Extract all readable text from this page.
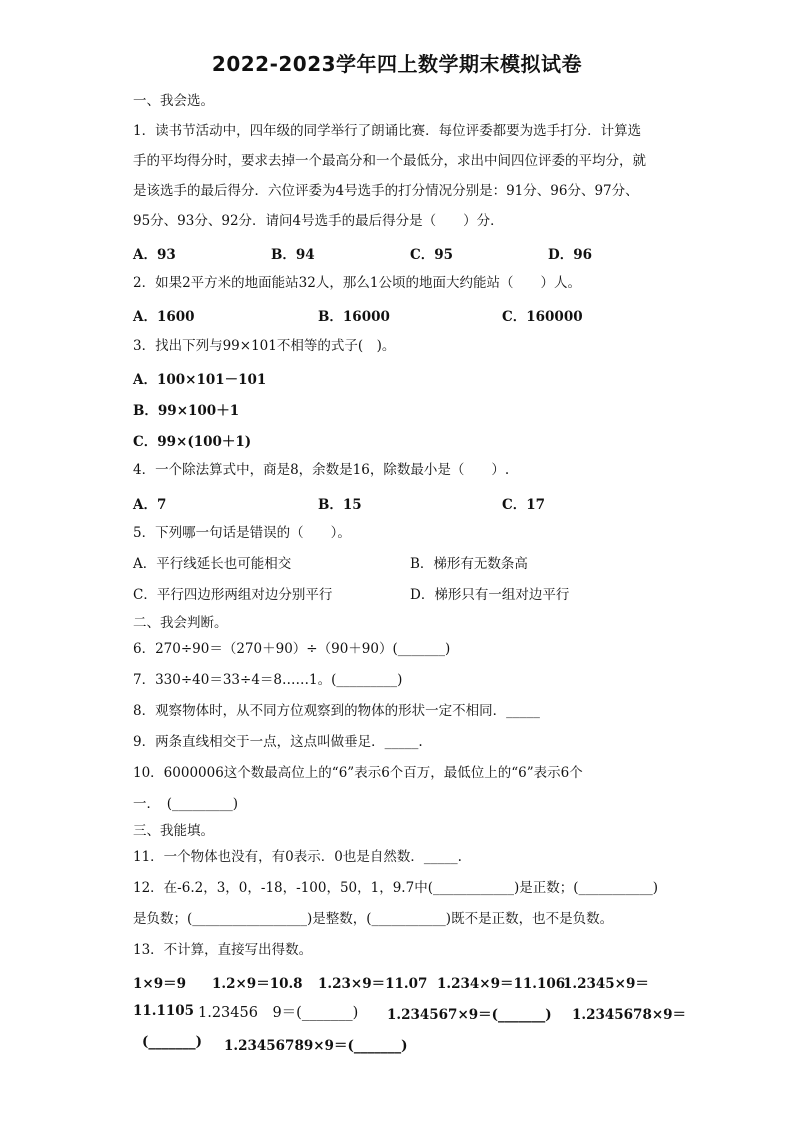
2022-2023学年四上数学期末模拟试卷
一、我会选。
1．读书节活动中，四年级的同学举行了朗诵比赛．每位评委都要为选手打分．计算选
手的平均得分时，要求去掉一个最高分和一个最低分，求出中间四位评委的平均分，就
是该选手的最后得分．六位评委为4号选手的打分情况分别是：91分、96分、97分、
95分、93分、92分．请问4号选手的最后得分是（　　）分．
A．93	B．94	C．95	D．96
2．如果2平方米的地面能站32人，那么1公顷的地面大约能站（　　）人。
A．1600	B．16000	C．160000
3．找出下列与99×101不相等的式子(　)。
A．100×101－101
B．99×100＋1
C．99×(100＋1)
4．一个除法算式中，商是8，余数是16，除数最小是（　　）.
A．7	B．15	C．17
5．下列哪一句话是错误的（　　）。
A．平行线延长也可能相交	B．梯形有无数条高
C．平行四边形两组对边分别平行	D．梯形只有一组对边平行
二、我会判断。
6．270÷90＝（270＋90）÷（90＋90）(_______)
7．330÷40＝33÷4＝8……1。(_________)
8．观察物体时，从不同方位观察到的物体的形状一定不相同．_____
9．两条直线相交于一点，这点叫做垂足．_____.
10．6000006这个数最高位上的“6”表示6个百万，最低位上的“6”表示6个
一．　(_________)
三、我能填。
11．一个物体也没有，有0表示．0也是自然数．_____.
12．在-6.2，3，0，-18，-100，50，1，9.7中(____________)是正数；(___________)
是负数；(_________________)是整数，(___________)既不是正数，也不是负数。
13．不计算，直接写出得数。
1×9＝9 1.2×9＝10.8 1.23×9＝11.07 1.234×9＝11.106
1.2345×9＝
11.1105 1.23456　9＝(_______) 1.234567×9＝(_______) 1.2345678×9＝
(_______) 1.23456789×9＝(_______)
